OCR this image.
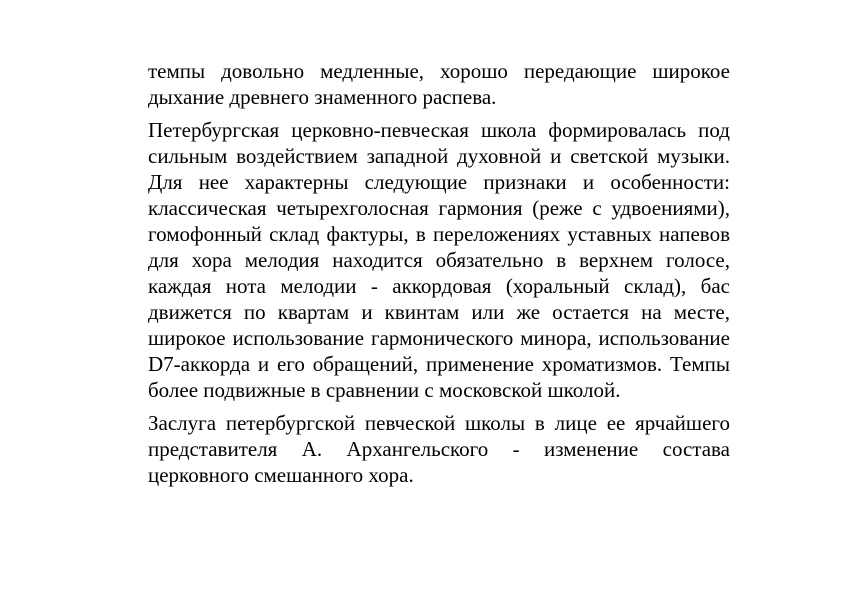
темпы довольно медленные, хорошо передающие широкое дыхание древнего знаменного распева.

Петербургская церковно-певческая школа формировалась под сильным воздействием западной духовной и светской музыки. Для нее характерны следующие признаки и особенности: классическая четырехголосная гармония (реже с удвоениями), гомофонный склад фактуры, в переложениях уставных напевов для хора мелодия находится обязательно в верхнем голосе, каждая нота мелодии - аккордовая (хоральный склад), бас движется по квартам и квинтам или же остается на месте, широкое использование гармонического минора, использование D7-аккорда и его обращений, применение хроматизмов. Темпы более подвижные в сравнении с московской школой.

Заслуга петербургской певческой школы в лице ее ярчайшего представителя А. Архангельского - изменение состава церковного смешанного хора.
